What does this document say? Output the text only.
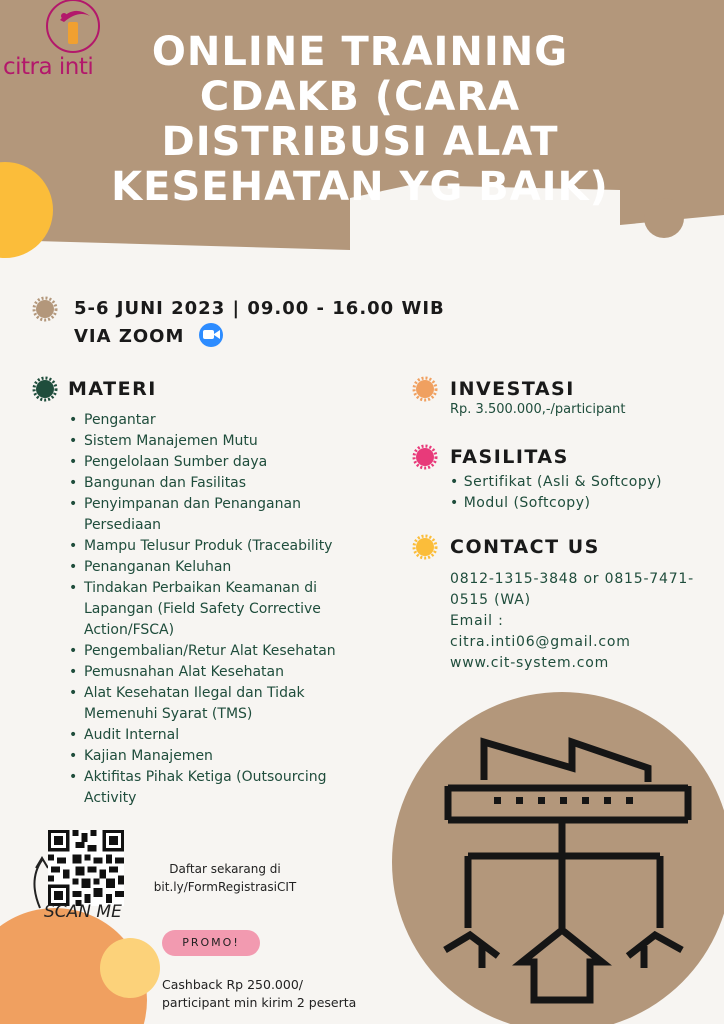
citra inti	ONLINE TRAINING
CDAKB (CARA
DISTRIBUSI ALAT
KESEHATAN YG BAIK)
5-6 JUNI 2023 | 09.00 - 16.00 WIB
VIA ZOOM
MATERI
• Pengantar
• Sistem Manajemen Mutu
• Pengelolaan Sumber daya
• Bangunan dan Fasilitas
• Penyimpanan dan Penanganan Persediaan
• Mampu Telusur Produk (Traceability
• Penanganan Keluhan
• Tindakan Perbaikan Keamanan di Lapangan (Field Safety Corrective Action/FSCA)
• Pengembalian/Retur Alat Kesehatan
• Pemusnahan Alat Kesehatan
• Alat Kesehatan Ilegal dan Tidak Memenuhi Syarat (TMS)
• Audit Internal
• Kajian Manajemen
• Aktifitas Pihak Ketiga (Outsourcing Activity
INVESTASI
Rp. 3.500.000,-/participant
FASILITAS
• Sertifikat (Asli & Softcopy)
• Modul (Softcopy)
CONTACT US
0812-1315-3848 or 0815-7471-0515 (WA)
Email :
citra.inti06@gmail.com
www.cit-system.com
SCAN ME
Daftar sekarang di
bit.ly/FormRegistrasiCIT
PROMO!
Cashback Rp 250.000/
participant min kirim 2 peserta
